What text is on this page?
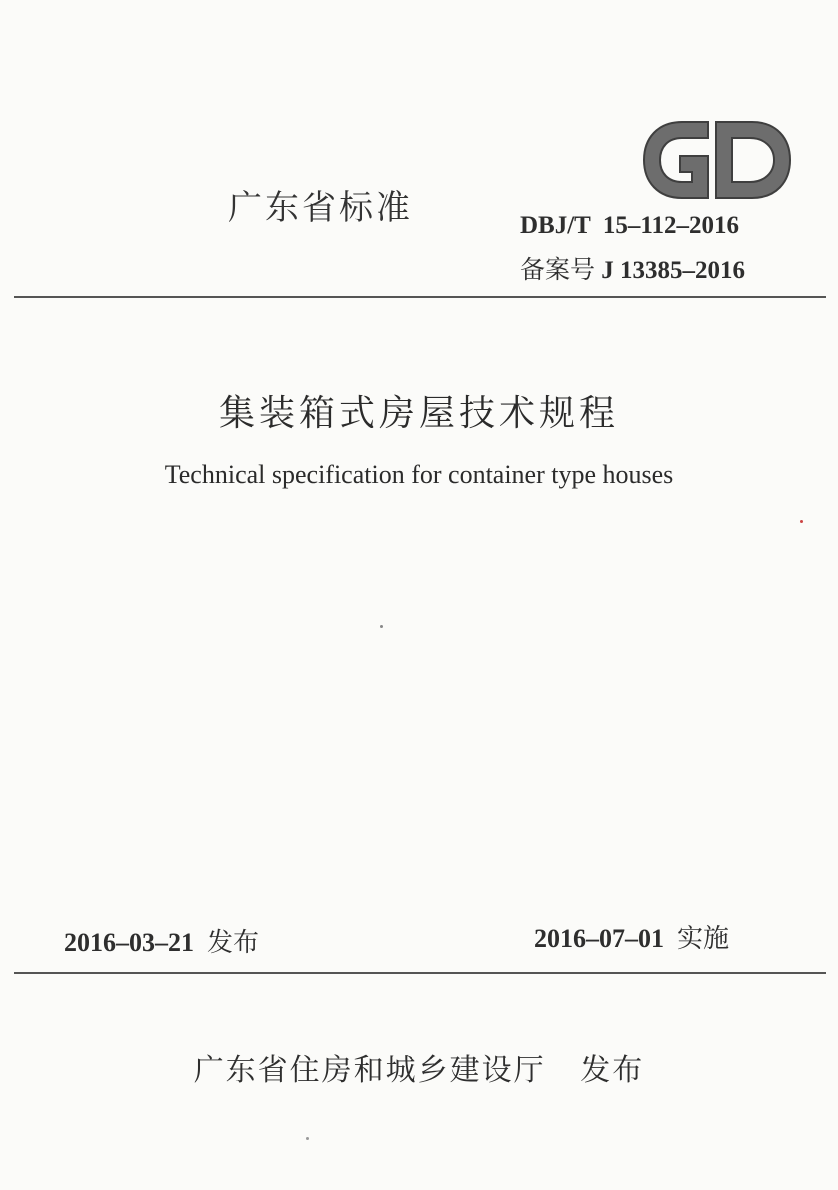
广东省标准	DBJ/T  15–112–2016
备案号 J 13385–2016
集装箱式房屋技术规程
Technical specification for container type houses
2016–03–21 发布	2016–07–01 实施
广东省住房和城乡建设厅 发布
